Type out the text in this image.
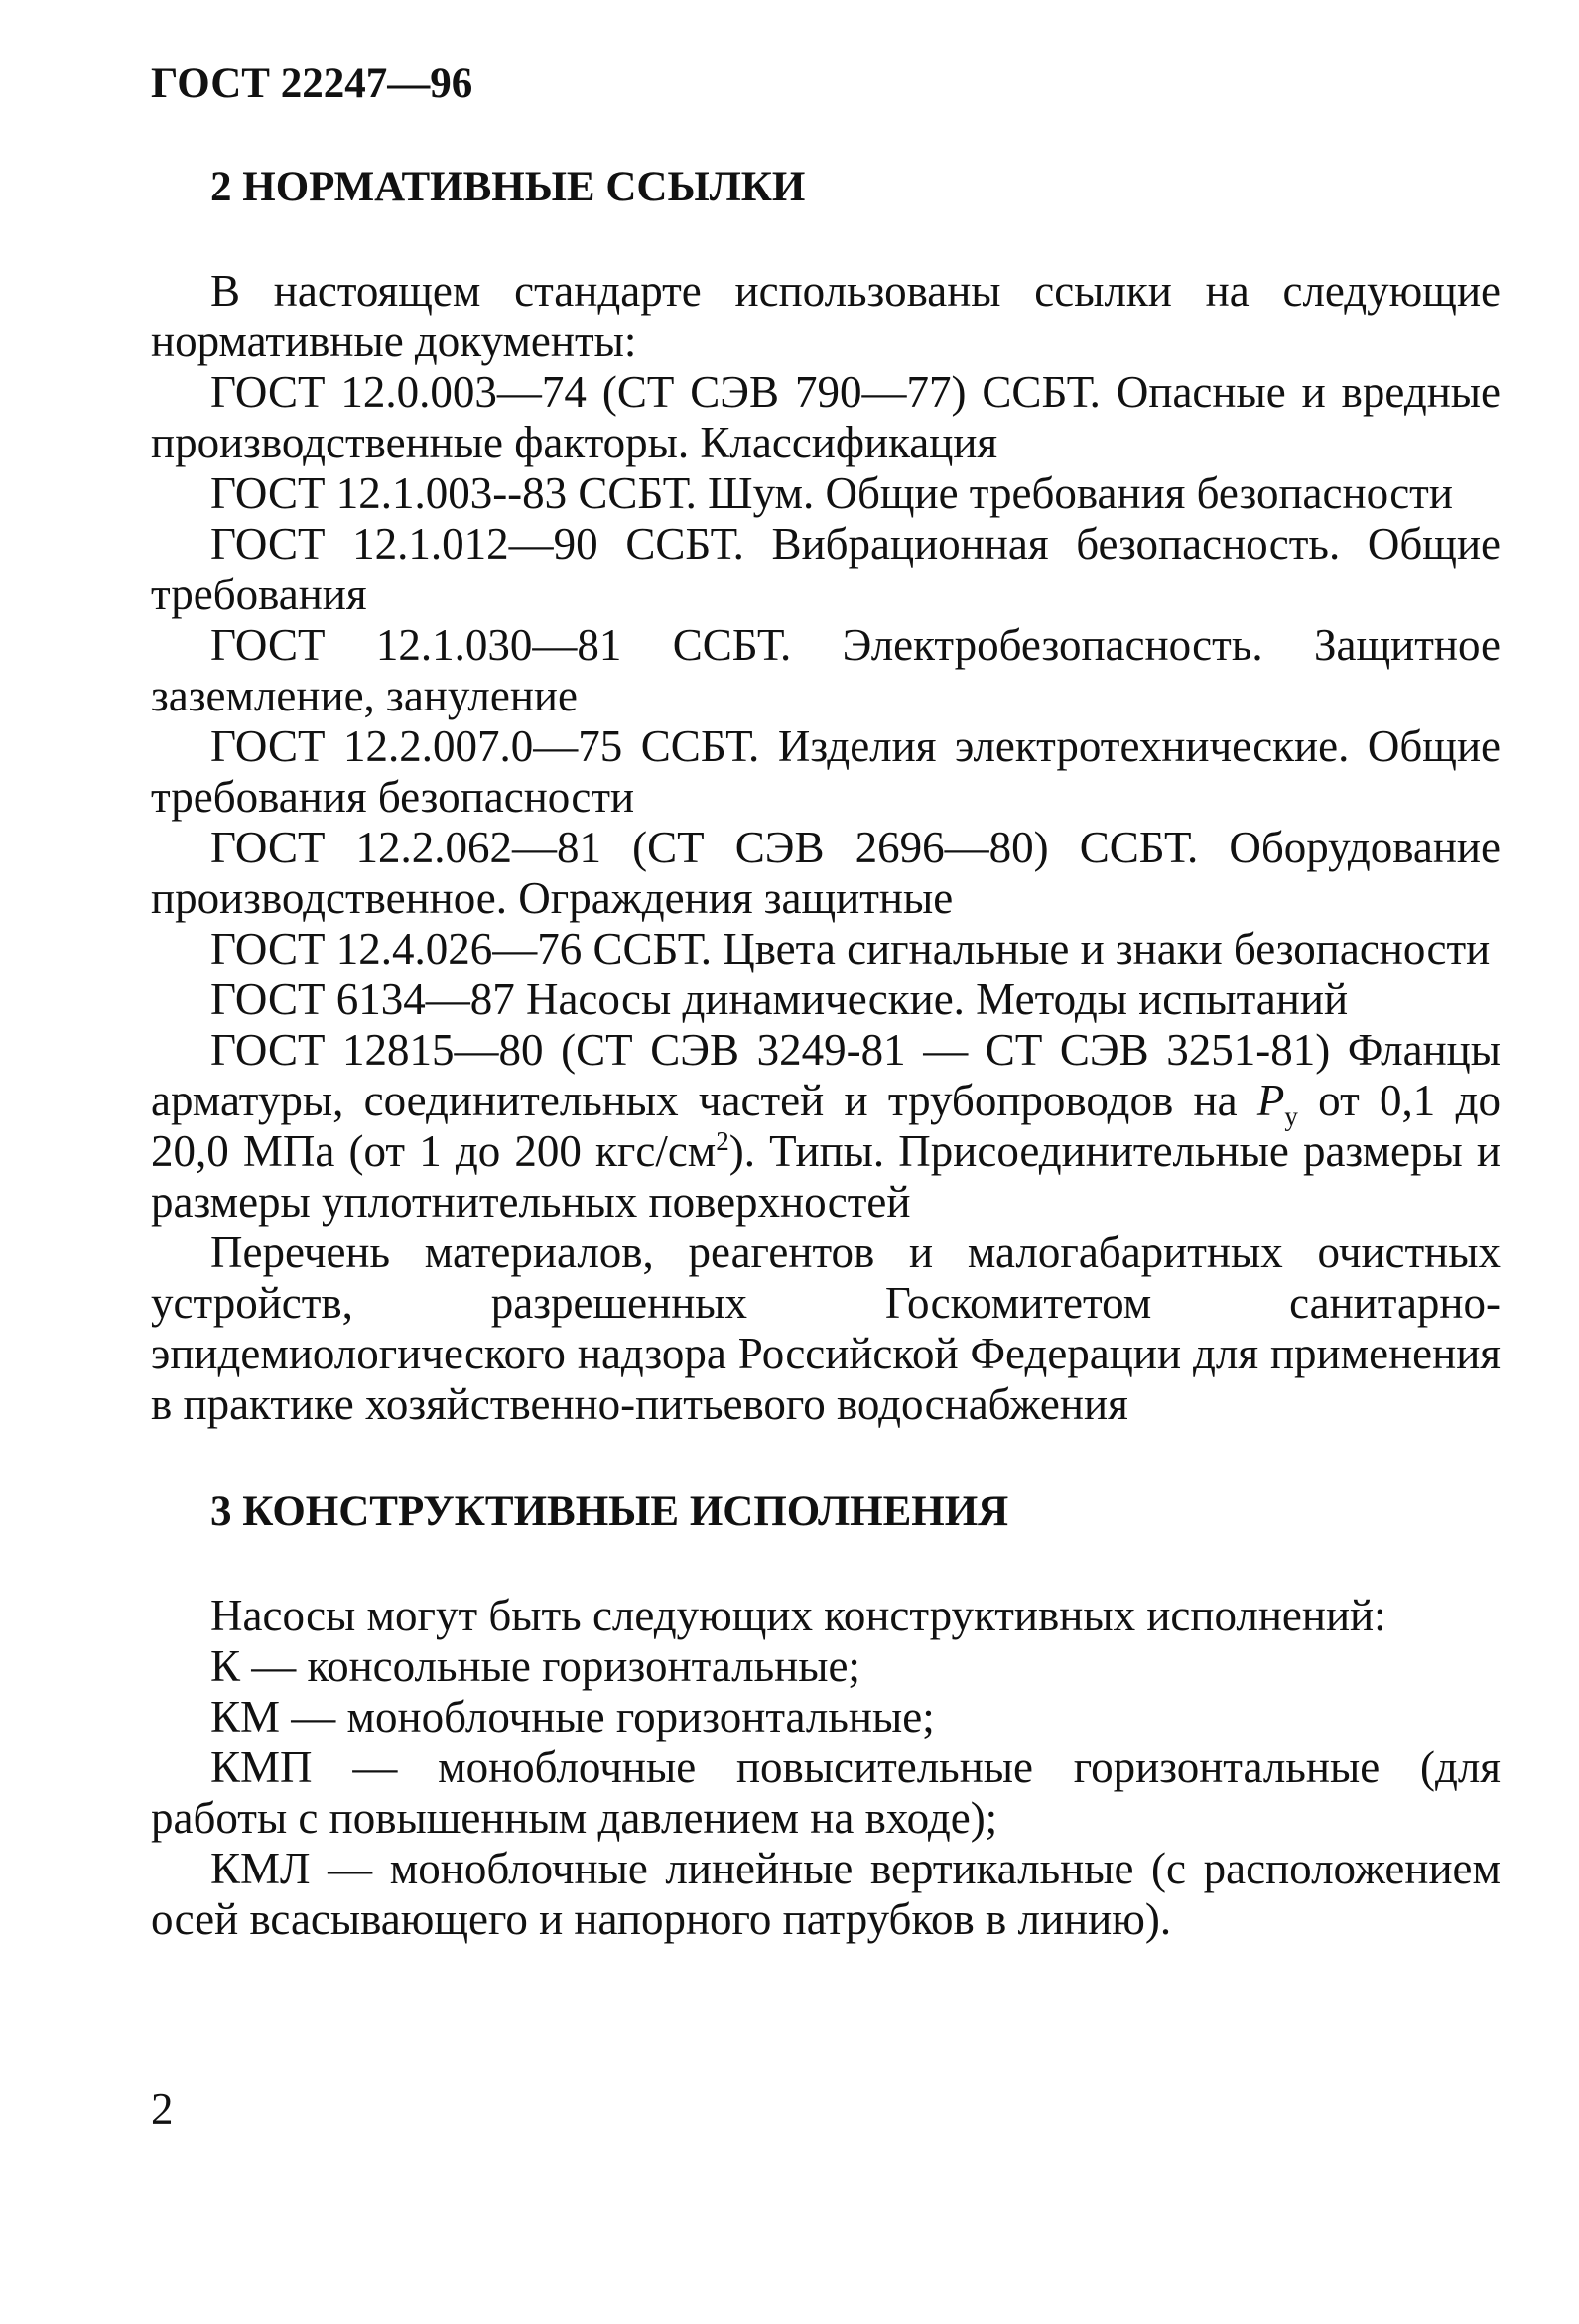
ГОСТ 22247—96
2 НОРМАТИВНЫЕ ССЫЛКИ

В настоящем стандарте использованы ссылки на следующие нормативные документы:

ГОСТ 12.0.003—74 (СТ СЭВ 790—77) ССБТ. Опасные и вредные производственные факторы. Классификация

ГОСТ 12.1.003--83 ССБТ. Шум. Общие требования безопасности

ГОСТ 12.1.012—90 ССБТ. Вибрационная безопасность. Общие требования

ГОСТ 12.1.030—81 ССБТ. Электробезопасность. Защитное заземление, зануление

ГОСТ 12.2.007.0—75 ССБТ. Изделия электротехнические. Общие требования безопасности

ГОСТ 12.2.062—81 (СТ СЭВ 2696—80) ССБТ. Оборудование производственное. Ограждения защитные

ГОСТ 12.4.026—76 ССБТ. Цвета сигнальные и знаки безопасности

ГОСТ 6134—87 Насосы динамические. Методы испытаний

ГОСТ 12815—80 (СТ СЭВ 3249-81 — СТ СЭВ 3251-81) Фланцы арматуры, соединительных частей и трубопроводов на $P_у$ от 0,1 до 20,0 МПа (от 1 до 200 кгс/$см^2$). Типы. Присоединительные размеры и размеры уплотнительных поверхностей

Перечень материалов, реагентов и малогабаритных очистных устройств, разрешенных Госкомитетом санитарно-эпидемиологического надзора Российской Федерации для применения в практике хозяйственно-питьевого водоснабжения

3 КОНСТРУКТИВНЫЕ ИСПОЛНЕНИЯ

Насосы могут быть следующих конструктивных исполнений:

К — консольные горизонтальные;

КМ — моноблочные горизонтальные;

КМП — моноблочные повысительные горизонтальные (для работы с повышенным давлением на входе);

КМЛ — моноблочные линейные вертикальные (с расположением осей всасывающего и напорного патрубков в линию).

2
